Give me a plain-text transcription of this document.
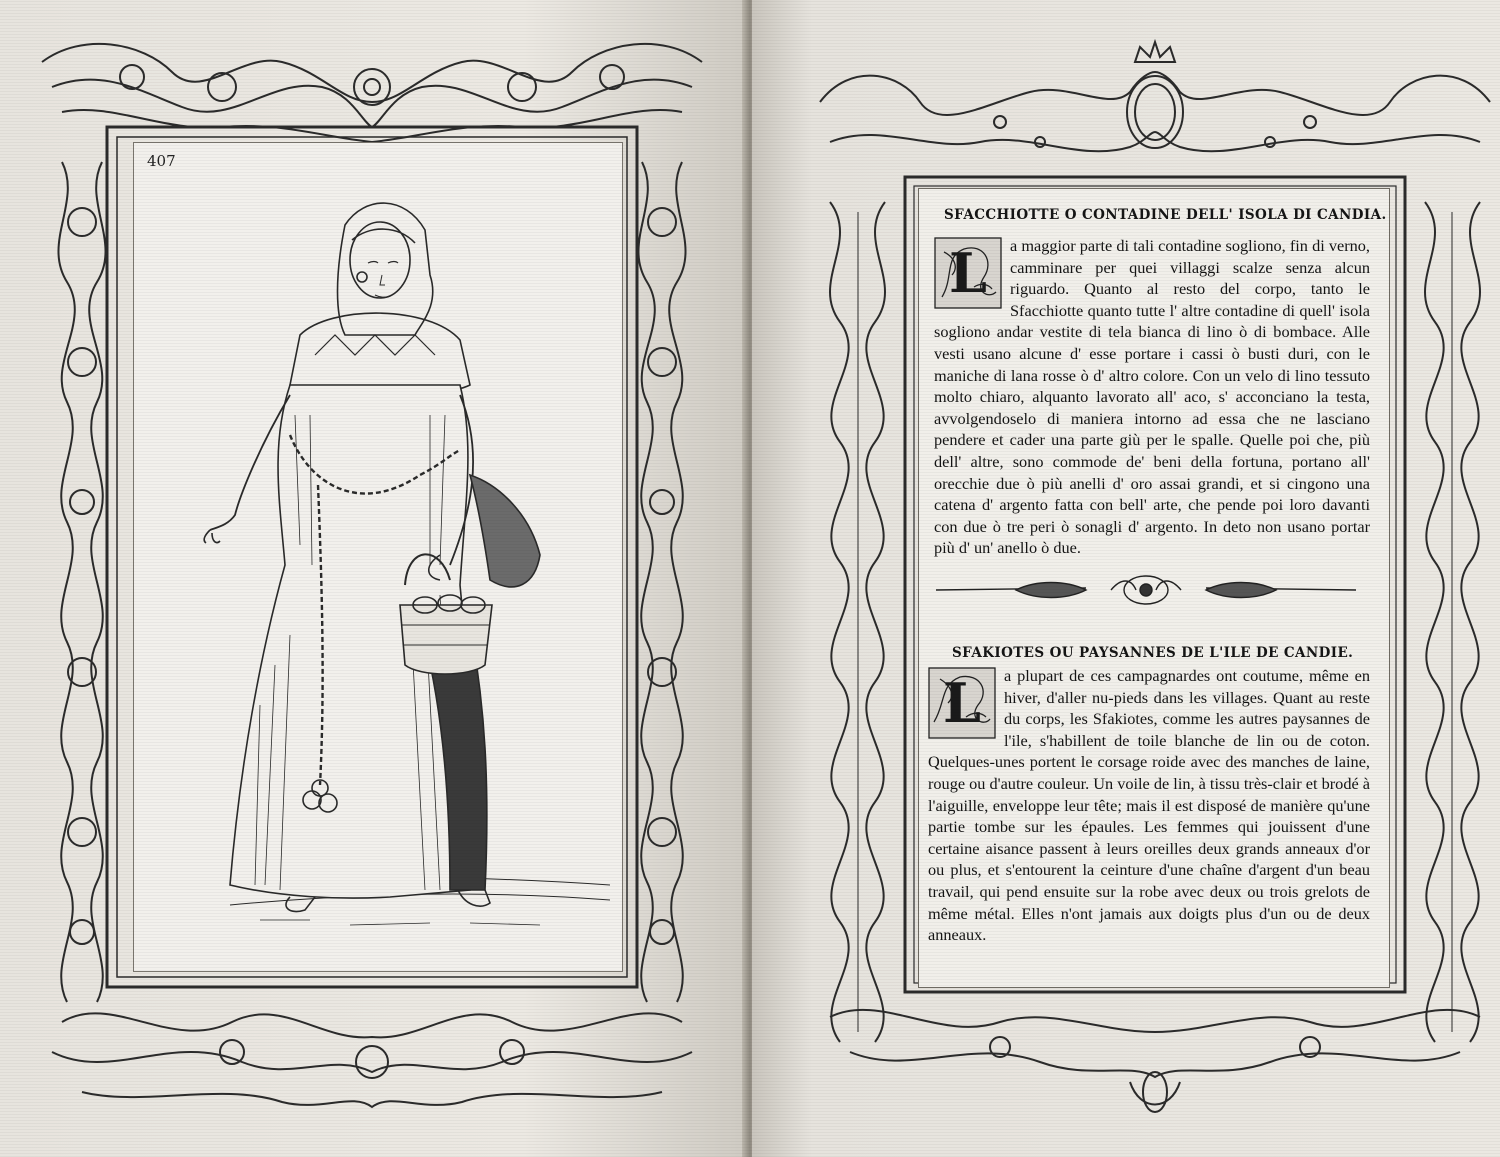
407
SFACCHIOTTE O CONTADINE DELL' ISOLA DI CANDIA.
L	a maggior parte di tali contadine sogliono, fin di verno, camminare per quei villaggi scalze senza alcun riguardo. Quanto al resto del corpo, tanto le Sfacchiotte quanto tutte l' altre contadine di quell' isola sogliono andar vestite di tela bianca di lino ò di bombace. Alle vesti usano alcune d' esse portare i cassi ò busti duri, con le maniche di lana rosse ò d' altro colore. Con un velo di lino tessuto molto chiaro, alquanto lavorato all' aco, s' acconciano la testa, avvolgendoselo di maniera intorno ad essa che ne lasciano pendere et cader una parte giù per le spalle. Quelle poi che, più dell' altre, sono commode de' beni della fortuna, portano all' orecchie due ò più anelli d' oro assai grandi, et si cingono una catena d' argento fatta con bell' arte, che pende poi loro davanti con due ò tre peri ò sonagli d' argento. In deto non usano portar più d' un' anello ò due.
SFAKIOTES OU PAYSANNES DE L'ILE DE CANDIE.
L	a plupart de ces campagnardes ont coutume, même en hiver, d'aller nu-pieds dans les villages. Quant au reste du corps, les Sfakiotes, comme les autres paysannes de l'ile, s'habillent de toile blanche de lin ou de coton. Quelques-unes portent le corsage roide avec des manches de laine, rouge ou d'autre couleur. Un voile de lin, à tissu très-clair et brodé à l'aiguille, enveloppe leur tête; mais il est disposé de manière qu'une partie tombe sur les épaules. Les femmes qui jouissent d'une certaine aisance passent à leurs oreilles deux grands anneaux d'or ou plus, et s'entourent la ceinture d'une chaîne d'argent d'un beau travail, qui pend ensuite sur la robe avec deux ou trois grelots de même métal. Elles n'ont jamais aux doigts plus d'un ou de deux anneaux.
